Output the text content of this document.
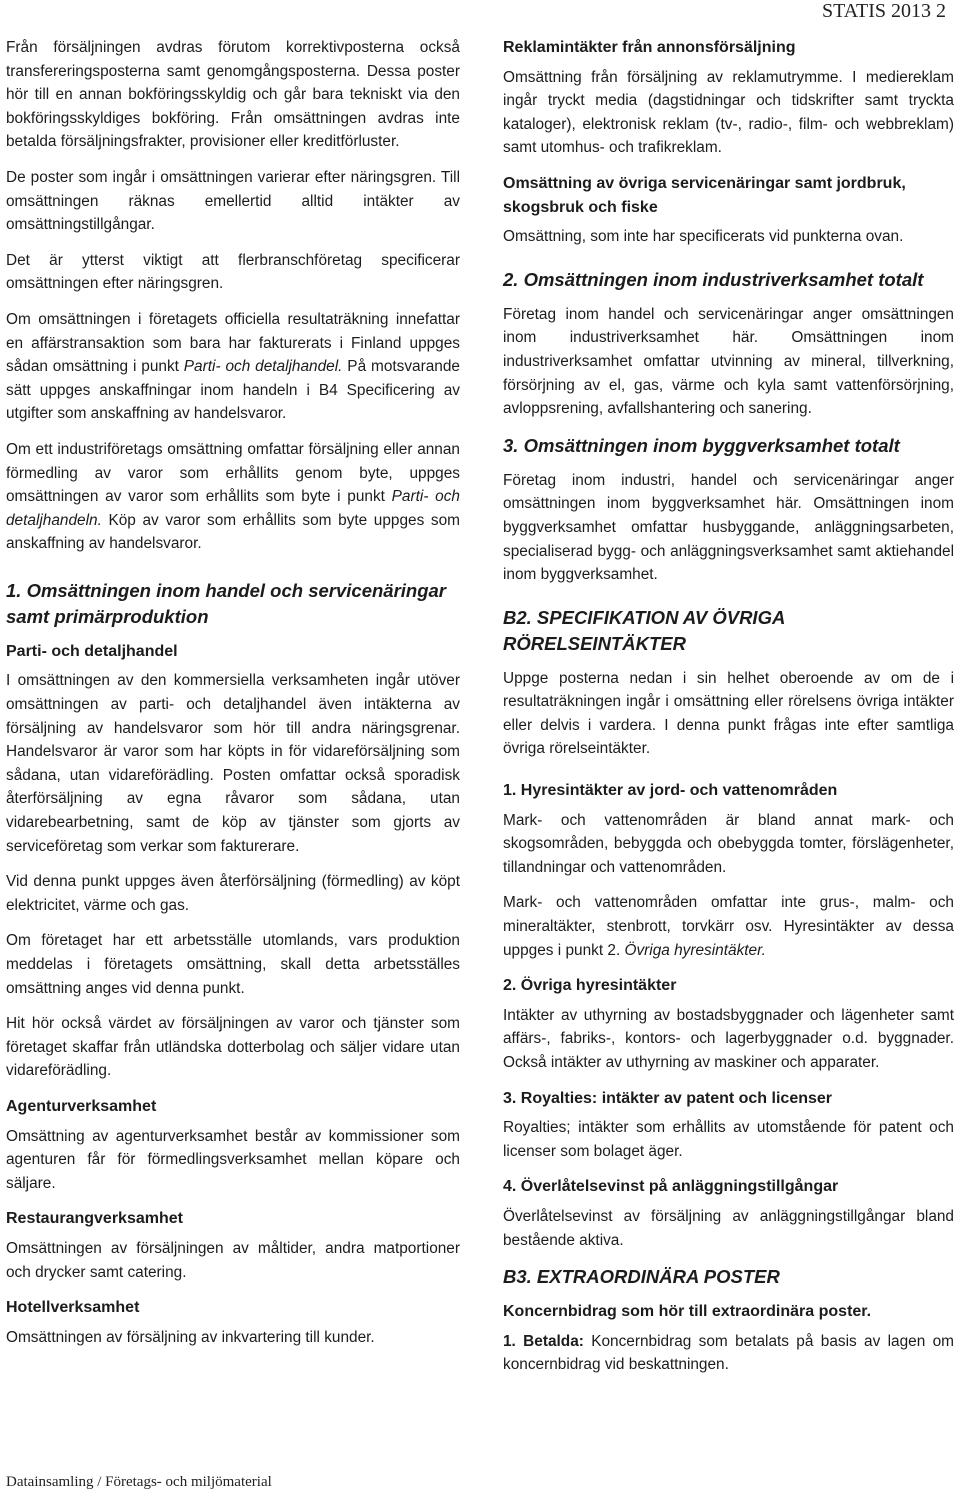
STATIS 2013 2

Från försäljningen avdras förutom korrektivposterna också transfereringsposterna samt genomgångsposterna. Dessa poster hör till en annan bokföringsskyldig och går bara tekniskt via den bokföringsskyldiges bokföring. Från omsättningen avdras inte betalda försäljningsfrakter, provisioner eller kreditförluster.

De poster som ingår i omsättningen varierar efter näringsgren. Till omsättningen räknas emellertid alltid intäkter av omsättningstillgångar.

Det är ytterst viktigt att flerbranschföretag specificerar omsättningen efter näringsgren.

Om omsättningen i företagets officiella resultaträkning innefattar en affärstransaktion som bara har fakturerats i Finland uppges sådan omsättning i punkt Parti- och detaljhandel. På motsvarande sätt uppges anskaffningar inom handeln i B4 Specificering av utgifter som anskaffning av handelsvaror.

Om ett industriföretags omsättning omfattar försäljning eller annan förmedling av varor som erhållits genom byte, uppges omsättningen av varor som erhållits som byte i punkt Parti- och detaljhandeln. Köp av varor som erhållits som byte uppges som anskaffning av handelsvaror.

1. Omsättningen inom handel och servicenäringar samt primärproduktion
Parti- och detaljhandel

I omsättningen av den kommersiella verksamheten ingår utöver omsättningen av parti- och detaljhandel även intäkterna av försäljning av handelsvaror som hör till andra näringsgrenar. Handelsvaror är varor som har köpts in för vidareförsäljning som sådana, utan vidareförädling. Posten omfattar också sporadisk återförsäljning av egna råvaror som sådana, utan vidarebearbetning, samt de köp av tjänster som gjorts av serviceföretag som verkar som fakturerare.

Vid denna punkt uppges även återförsäljning (förmedling) av köpt elektricitet, värme och gas.

Om företaget har ett arbetsställe utomlands, vars produktion meddelas i företagets omsättning, skall detta arbetsställes omsättning anges vid denna punkt.

Hit hör också värdet av försäljningen av varor och tjänster som företaget skaffar från utländska dotterbolag och säljer vidare utan vidareförädling.

Agenturverksamhet

Omsättning av agenturverksamhet består av kommissioner som agenturen får för förmedlingsverksamhet mellan köpare och säljare.

Restaurangverksamhet

Omsättningen av försäljningen av måltider, andra matportioner och drycker samt catering.

Hotellverksamhet

Omsättningen av försäljning av inkvartering till kunder.

Reklamintäkter från annonsförsäljning

Omsättning från försäljning av reklamutrymme. I mediereklam ingår tryckt media (dagstidningar och tidskrifter samt tryckta kataloger), elektronisk reklam (tv-, radio-, film- och webbreklam) samt utomhus- och trafikreklam.

Omsättning av övriga servicenäringar samt jordbruk, skogsbruk och fiske

Omsättning, som inte har specificerats vid punkterna ovan.

2. Omsättningen inom industriverksamhet totalt

Företag inom handel och servicenäringar anger omsättningen inom industriverksamhet här. Omsättningen inom industriverksamhet omfattar utvinning av mineral, tillverkning, försörjning av el, gas, värme och kyla samt vattenförsörjning, avloppsrening, avfallshantering och sanering.

3. Omsättningen inom byggverksamhet totalt

Företag inom industri, handel och servicenäringar anger omsättningen inom byggverksamhet här. Omsättningen inom byggverksamhet omfattar husbyggande, anläggningsarbeten, specialiserad bygg- och anläggningsverksamhet samt aktiehandel inom byggverksamhet.

B2. SPECIFIKATION AV ÖVRIGA RÖRELSEINTÄKTER

Uppge posterna nedan i sin helhet oberoende av om de i resultaträkningen ingår i omsättning eller rörelsens övriga intäkter eller delvis i vardera. I denna punkt frågas inte efter samtliga övriga rörelseintäkter.

1. Hyresintäkter av jord- och vattenområden

Mark- och vattenområden är bland annat mark- och skogsområden, bebyggda och obebyggda tomter, förslägenheter, tillandningar och vattenområden.

Mark- och vattenområden omfattar inte grus-, malm- och mineraltäkter, stenbrott, torvkärr osv. Hyresintäkter av dessa uppges i punkt 2. Övriga hyresintäkter.

2. Övriga hyresintäkter

Intäkter av uthyrning av bostadsbyggnader och lägenheter samt affärs-, fabriks-, kontors- och lagerbyggnader o.d. byggnader. Också intäkter av uthyrning av maskiner och apparater.

3. Royalties: intäkter av patent och licenser

Royalties; intäkter som erhållits av utomstående för patent och licenser som bolaget äger.

4. Överlåtelsevinst på anläggningstillgångar

Överlåtelsevinst av försäljning av anläggningstillgångar bland bestående aktiva.

B3. EXTRAORDINÄRA POSTER
Koncernbidrag som hör till extraordinära poster.

1. Betalda: Koncernbidrag som betalats på basis av lagen om koncernbidrag vid beskattningen.

Datainsamling / Företags- och miljömaterial
